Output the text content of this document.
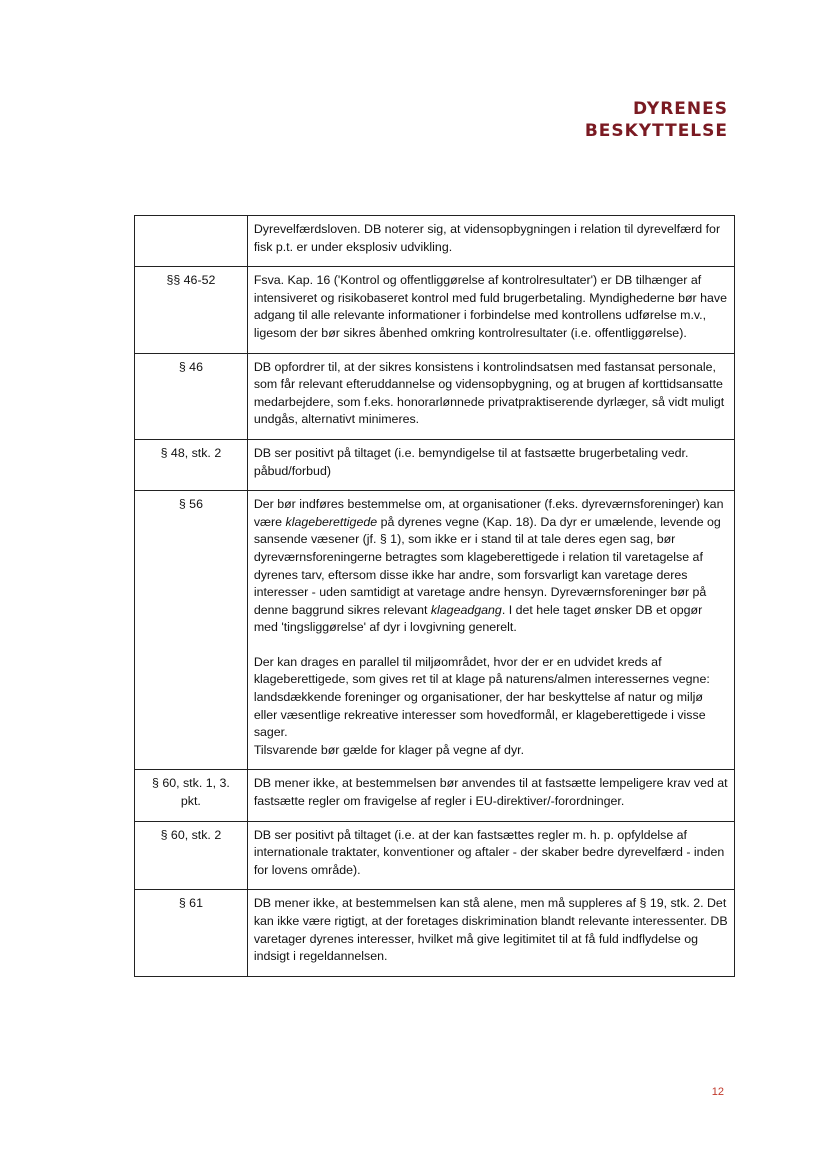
DYRENES
BESKYTTELSE

	Dyrevelfærdsloven. DB noterer sig, at vidensopbygningen i relation til dyrevelfærd for fisk p.t. er under eksplosiv udvikling.

§§ 46-52	Fsva. Kap. 16 ('Kontrol og offentliggørelse af kontrolresultater') er DB tilhænger af intensiveret og risikobaseret kontrol med fuld brugerbetaling. Myndighederne bør have adgang til alle relevante informationer i forbindelse med kontrollens udførelse m.v., ligesom der bør sikres åbenhed omkring kontrolresultater (i.e. offentliggørelse).

§ 46	DB opfordrer til, at der sikres konsistens i kontrolindsatsen med fastansat personale, som får relevant efteruddannelse og vidensopbygning, og at brugen af korttidsansatte medarbejdere, som f.eks. honorarlønnede privatpraktiserende dyrlæger, så vidt muligt undgås, alternativt minimeres.

§ 48, stk. 2	DB ser positivt på tiltaget (i.e. bemyndigelse til at fastsætte brugerbetaling vedr. påbud/forbud)

§ 56	Der bør indføres bestemmelse om, at organisationer (f.eks. dyreværnsforeninger) kan være klageberettigede på dyrenes vegne (Kap. 18). Da dyr er umælende, levende og sansende væsener (jf. § 1), som ikke er i stand til at tale deres egen sag, bør dyreværnsforeningerne betragtes som klageberettigede i relation til varetagelse af dyrenes tarv, eftersom disse ikke har andre, som forsvarligt kan varetage deres interesser - uden samtidigt at varetage andre hensyn. Dyreværnsforeninger bør på denne baggrund sikres relevant klageadgang. I det hele taget ønsker DB et opgør med 'tingsliggørelse' af dyr i lovgivning generelt.

Der kan drages en parallel til miljøområdet, hvor der er en udvidet kreds af klageberettigede, som gives ret til at klage på naturens/almen interessernes vegne: landsdækkende foreninger og organisationer, der har beskyttelse af natur og miljø eller væsentlige rekreative interesser som hovedformål, er klageberettigede i visse sager.
Tilsvarende bør gælde for klager på vegne af dyr.

§ 60, stk. 1, 3.
pkt.	DB mener ikke, at bestemmelsen bør anvendes til at fastsætte lempeligere krav ved at fastsætte regler om fravigelse af regler i EU-direktiver/-forordninger.

§ 60, stk. 2	DB ser positivt på tiltaget (i.e. at der kan fastsættes regler m. h. p. opfyldelse af internationale traktater, konventioner og aftaler - der skaber bedre dyrevelfærd - inden for lovens område).

§ 61	DB mener ikke, at bestemmelsen kan stå alene, men må suppleres af § 19, stk. 2. Det kan ikke være rigtigt, at der foretages diskrimination blandt relevante interessenter. DB varetager dyrenes interesser, hvilket må give legitimitet til at få fuld indflydelse og indsigt i regeldannelsen.

12
